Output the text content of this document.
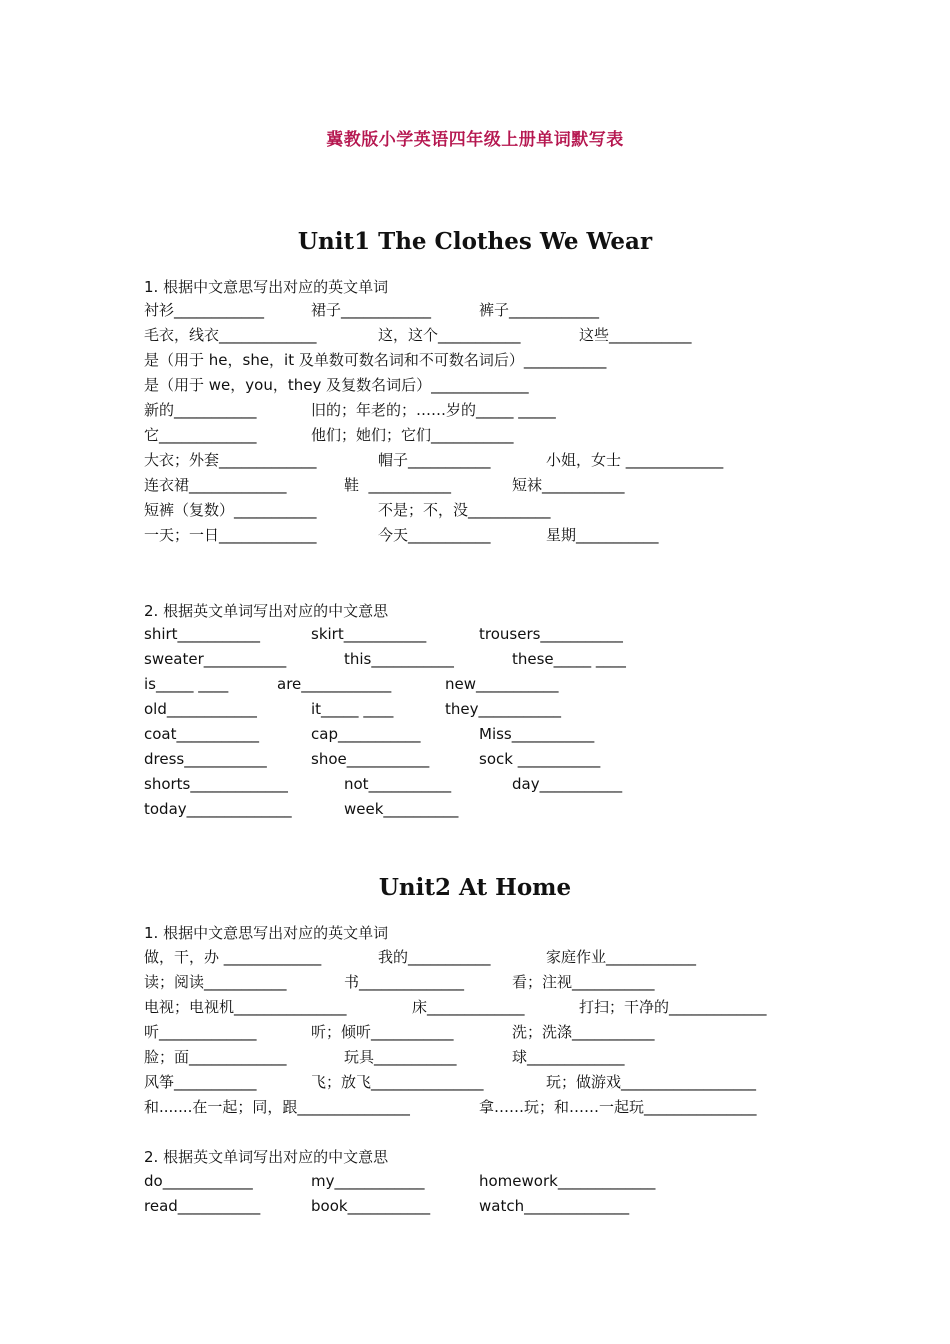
冀教版小学英语四年级上册单词默写表
Unit1 The Clothes We Wear
1. 根据中文意思写出对应的英文单词
衬衫____________	裙子____________	裤子____________
毛衣，线衣_____________	这，这个___________	这些___________
是（用于 he，she，it 及单数可数名词和不可数名词后）___________
是（用于 we，you，they 及复数名词后）_____________
新的___________	旧的；年老的；……岁的_____ _____
它_____________	他们；她们；它们___________
大衣；外套_____________	帽子___________	小姐，女士 _____________
连衣裙_____________	鞋  ___________	短袜___________
短裤（复数）___________	不是；不，没___________
一天；一日_____________	今天___________	星期___________
2. 根据英文单词写出对应的中文意思
shirt___________	skirt___________	trousers___________
sweater___________	this___________	these_____ ____
is_____ ____	are____________	new___________
old____________	it_____ ____	they___________
coat___________	cap___________	Miss___________
dress___________	shoe___________	sock ___________
shorts_____________	not___________	day___________
today______________	week__________
Unit2 At Home
1. 根据中文意思写出对应的英文单词
做，干，办 _____________	我的___________	家庭作业____________
读；阅读___________	书______________	看；注视___________
电视；电视机_______________	床_____________	打扫；干净的_____________
听_____________	听；倾听___________	洗；洗涤___________
脸；面_____________	玩具___________	球_____________
风筝___________	飞；放飞_______________	玩；做游戏__________________
和.......在一起；同，跟_______________	拿……玩；和……一起玩_______________
2. 根据英文单词写出对应的中文意思
do____________	my____________	homework_____________
read___________	book___________	watch______________
